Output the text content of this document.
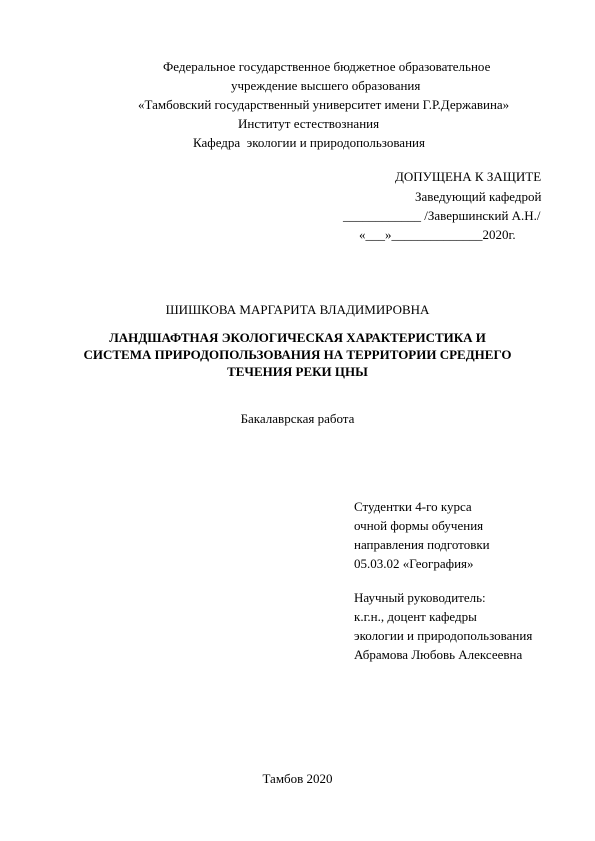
Федеральное государственное бюджетное образовательное
учреждение высшего образования
«Тамбовский государственный университет имени Г.Р.Державина»
Институт естествознания
Кафедра  экологии и природопользования
ДОПУЩЕНА К ЗАЩИТЕ
Заведующий кафедрой
____________ /Завершинский А.Н./
«___»______________2020г.
ШИШКОВА МАРГАРИТА ВЛАДИМИРОВНА
ЛАНДШАФТНАЯ ЭКОЛОГИЧЕСКАЯ ХАРАКТЕРИСТИКА И
СИСТЕМА ПРИРОДОПОЛЬЗОВАНИЯ НА ТЕРРИТОРИИ СРЕДНЕГО
ТЕЧЕНИЯ РЕКИ ЦНЫ
Бакалаврская работа
Студентки 4-го курса
очной формы обучения
направления подготовки
05.03.02 «География»
Научный руководитель:
к.г.н., доцент кафедры
экологии и природопользования
Абрамова Любовь Алексеевна
Тамбов 2020
